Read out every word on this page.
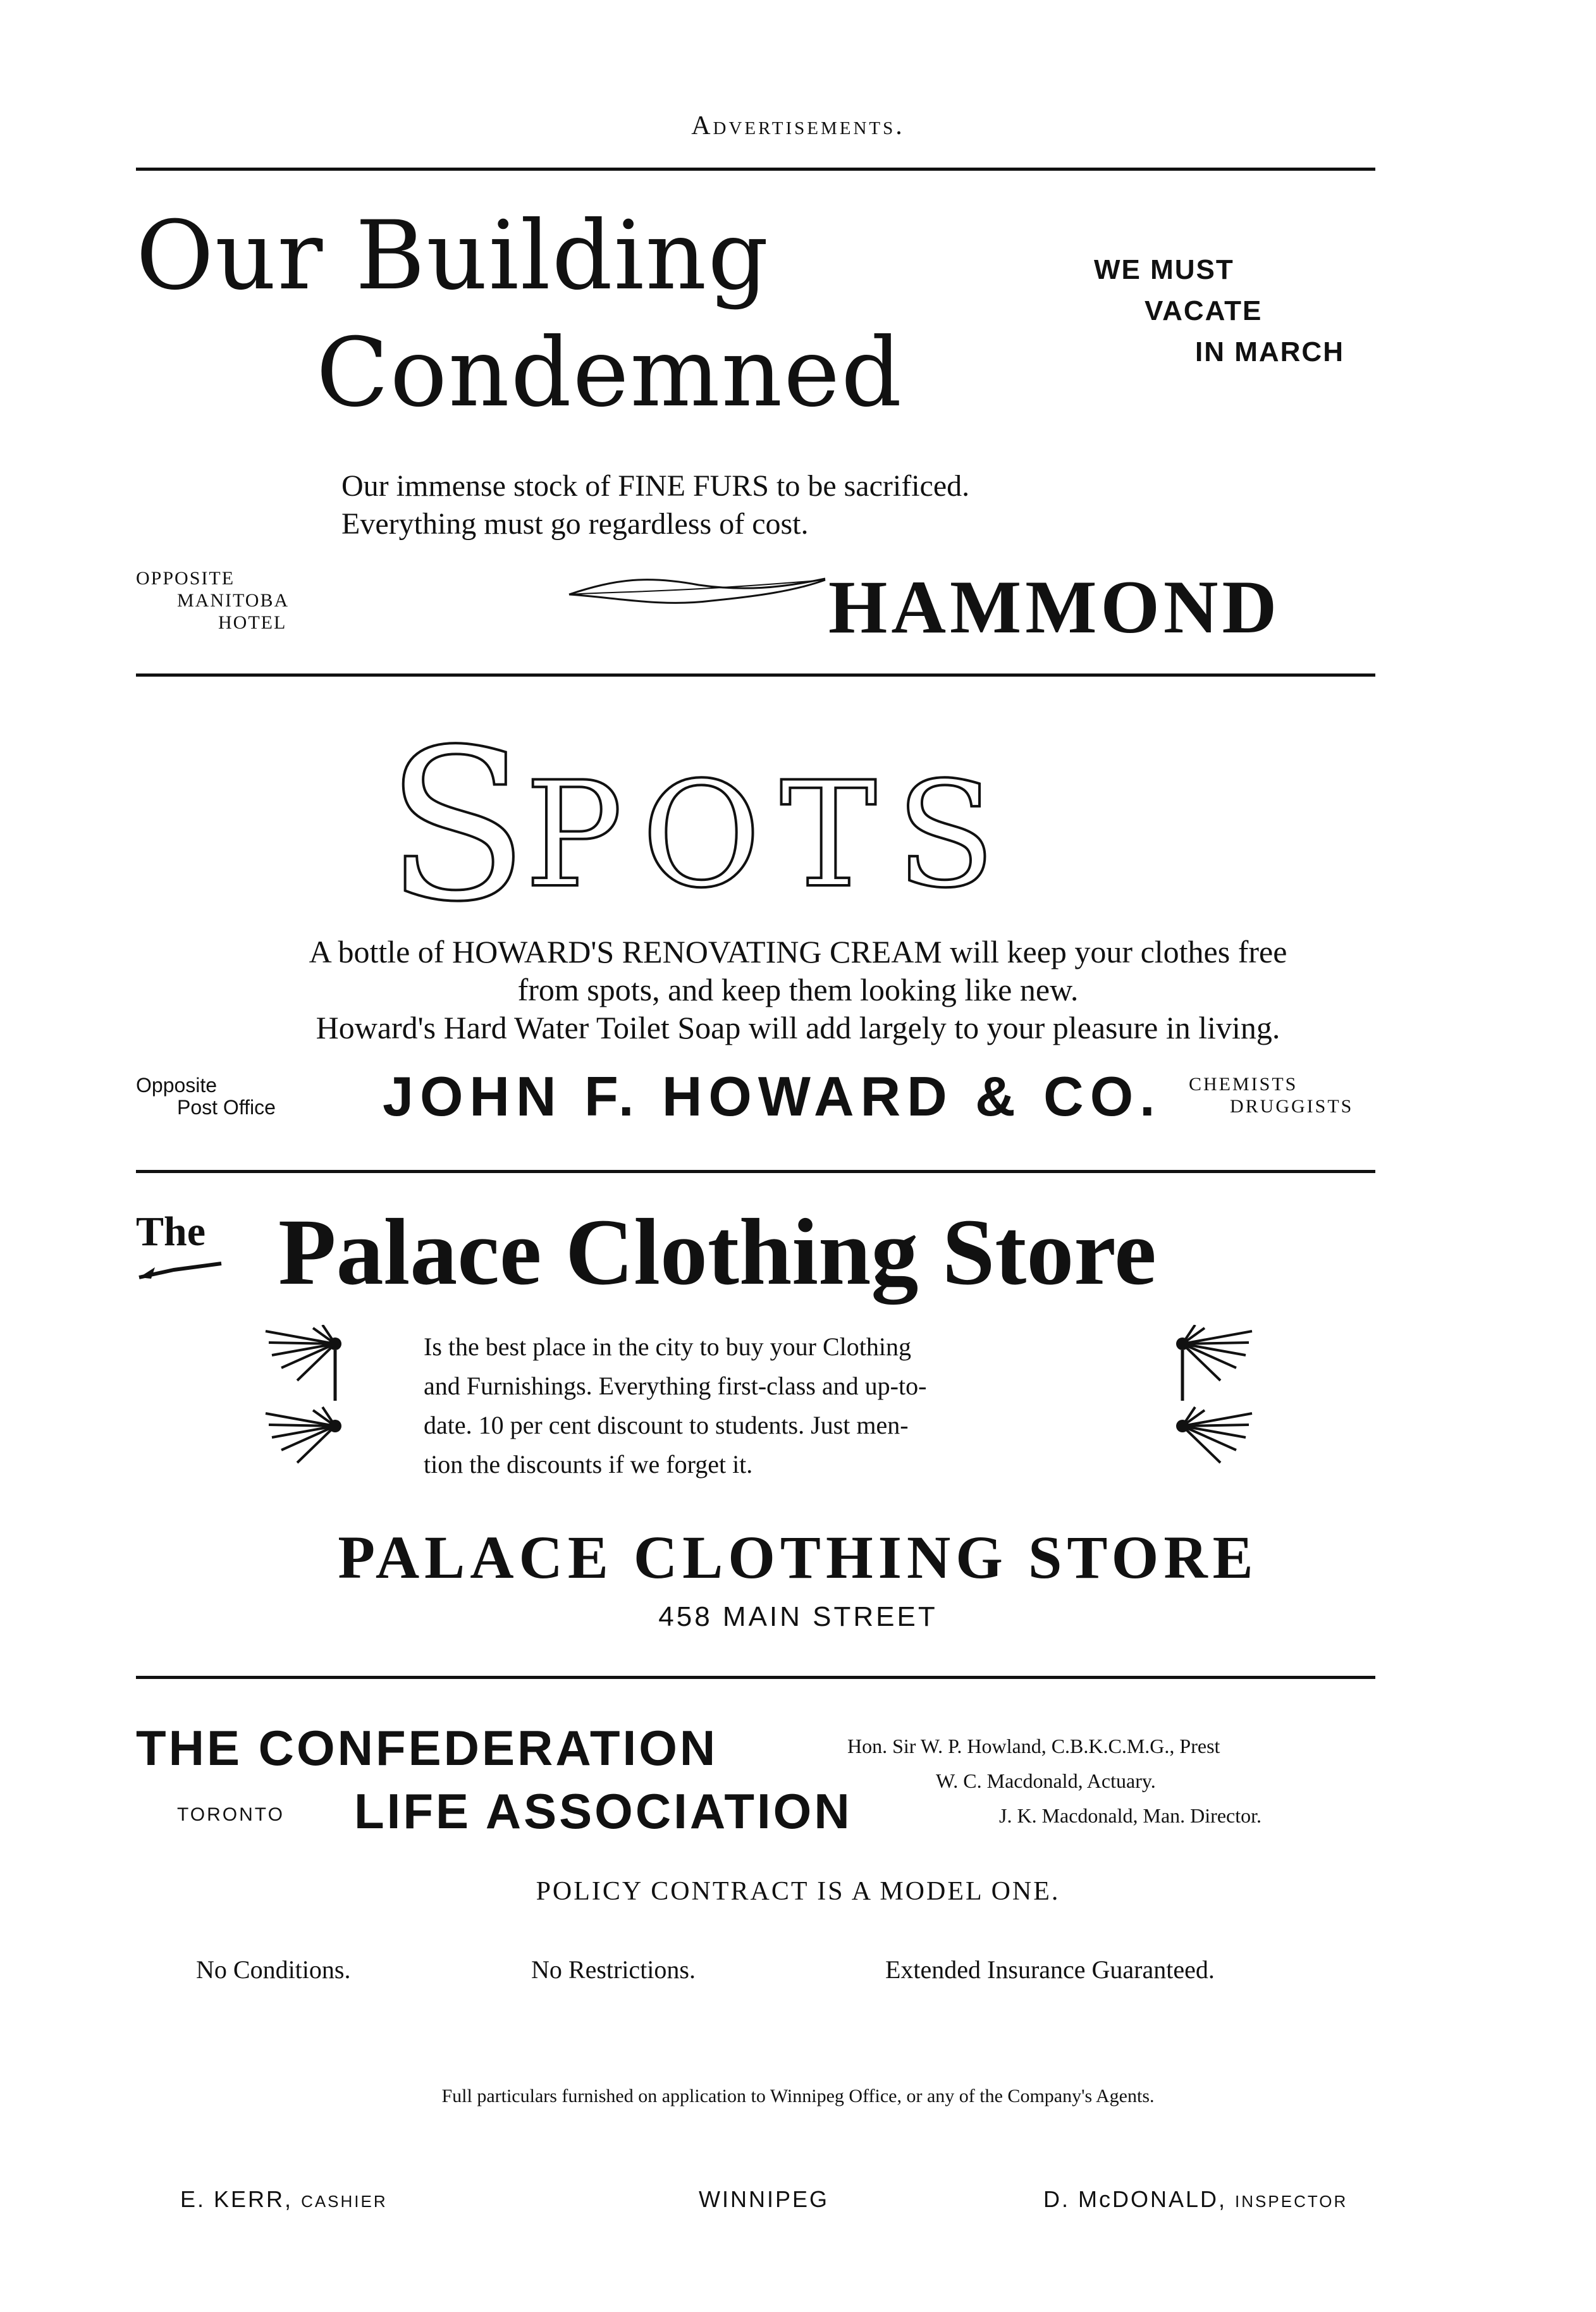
Advertisements.
Our Building
Condemned
WE MUST
VACATE
IN MARCH
Our immense stock of FINE FURS to be sacrificed.
Everything must go regardless of cost.
OPPOSITE
MANITOBA
HOTEL	HAMMOND
S
POTS
A bottle of HOWARD'S RENOVATING CREAM will keep your clothes free
from spots, and keep them looking like new.
Howard's Hard Water Toilet Soap will add largely to your pleasure in living.
Opposite
Post Office JOHN F. HOWARD & CO. CHEMISTS
DRUGGISTS
The Palace Clothing Store
Is the best place in the city to buy your Clothing
and Furnishings. Everything first-class and up-to-
date. 10 per cent discount to students. Just men-
tion the discounts if we forget it.
PALACE CLOTHING STORE
458 MAIN STREET
THE CONFEDERATION
TORONTO LIFE ASSOCIATION
Hon. Sir W. P. Howland, C.B.K.C.M.G., Prest
W. C. Macdonald, Actuary.
J. K. Macdonald, Man. Director.
POLICY CONTRACT IS A MODEL ONE.
No Conditions.	No Restrictions.	Extended Insurance Guaranteed.
Full particulars furnished on application to Winnipeg Office, or any of the Company's Agents.
E. KERR, CASHIER	WINNIPEG	D. McDONALD, INSPECTOR
